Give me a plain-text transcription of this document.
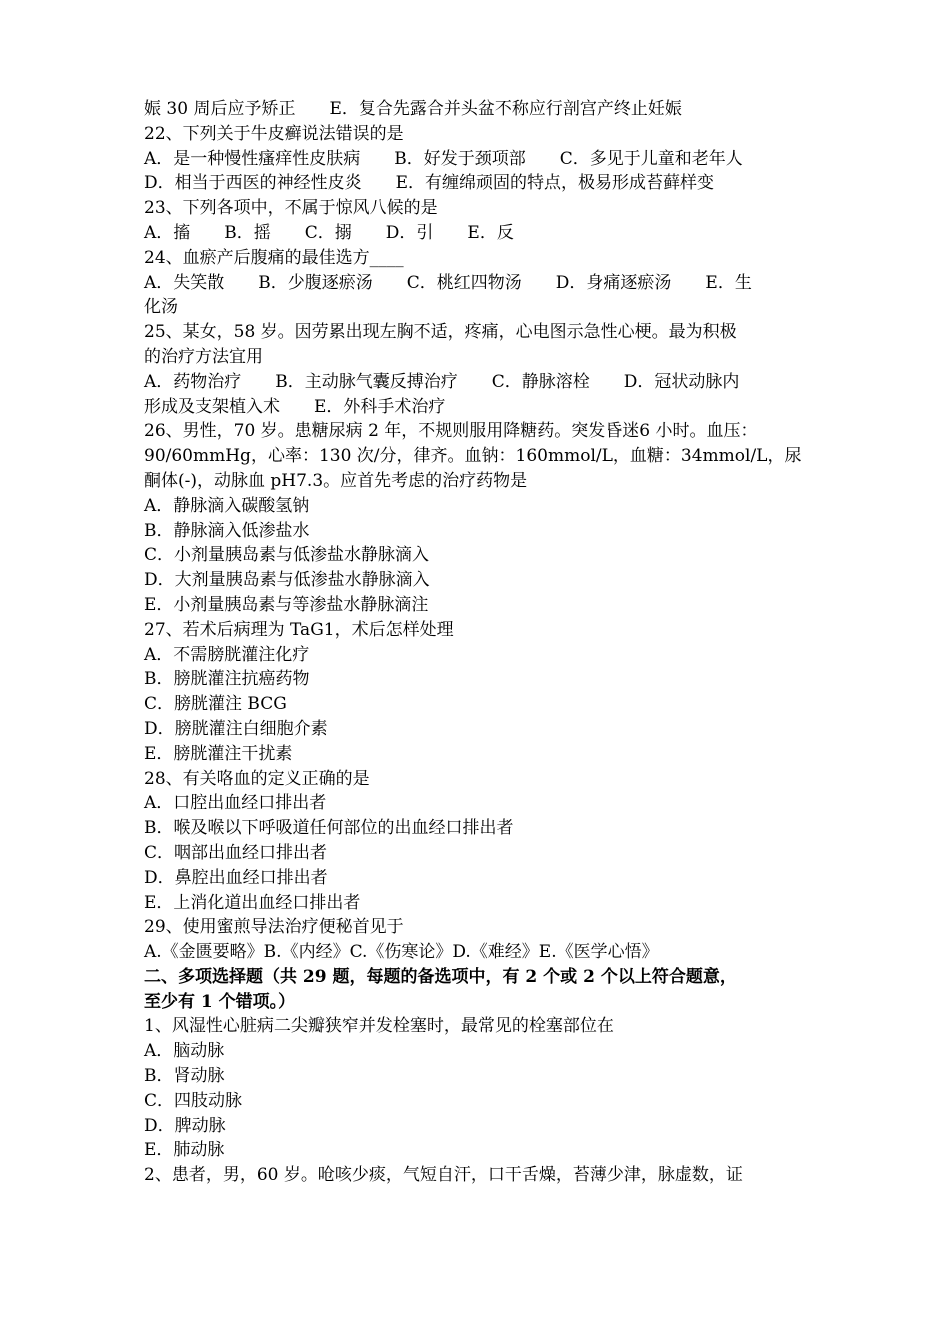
娠 30 周后应予矫正　　E．复合先露合并头盆不称应行剖宫产终止妊娠
22、下列关于牛皮癣说法错误的是
A．是一种慢性瘙痒性皮肤病　　B．好发于颈项部　　C．多见于儿童和老年人
D．相当于西医的神经性皮炎　　E．有缠绵顽固的特点，极易形成苔藓样变
23、下列各项中，不属于惊风八候的是
A．搐　　B．摇　　C．搦　　D．引　　E．反
24、血瘀产后腹痛的最佳选方____
A．失笑散　　B．少腹逐瘀汤　　C．桃红四物汤　　D．身痛逐瘀汤　　E．生
化汤
25、某女，58 岁。因劳累出现左胸不适，疼痛，心电图示急性心梗。最为积极
的治疗方法宜用
A．药物治疗　　B．主动脉气囊反搏治疗　　C．静脉溶栓　　D．冠状动脉内
形成及支架植入术　　E．外科手术治疗
26、男性，70 岁。患糖尿病 2 年，不规则服用降糖药。突发昏迷6 小时。血压：
90/60mmHg，心率：130 次/分，律齐。血钠：160mmol/L，血糖：34mmol/L，尿
酮体(-)，动脉血 pH7.3。应首先考虑的治疗药物是
A．静脉滴入碳酸氢钠
B．静脉滴入低渗盐水
C．小剂量胰岛素与低渗盐水静脉滴入
D．大剂量胰岛素与低渗盐水静脉滴入
E．小剂量胰岛素与等渗盐水静脉滴注
27、若术后病理为 TaG1，术后怎样处理
A．不需膀胱灌注化疗
B．膀胱灌注抗癌药物
C．膀胱灌注 BCG
D．膀胱灌注白细胞介素
E．膀胱灌注干扰素
28、有关咯血的定义正确的是
A．口腔出血经口排出者
B．喉及喉以下呼吸道任何部位的出血经口排出者
C．咽部出血经口排出者
D．鼻腔出血经口排出者
E．上消化道出血经口排出者
29、使用蜜煎导法治疗便秘首见于
A.《金匮要略》B.《内经》C.《伤寒论》D.《难经》E.《医学心悟》
二、多项选择题（共 29 题，每题的备选项中，有 2 个或 2 个以上符合题意，
至少有 1 个错项。）
1、风湿性心脏病二尖瓣狭窄并发栓塞时，最常见的栓塞部位在
A．脑动脉
B．肾动脉
C．四肢动脉
D．脾动脉
E．肺动脉
2、患者，男，60 岁。呛咳少痰，气短自汗，口干舌燥，苔薄少津，脉虚数，证
